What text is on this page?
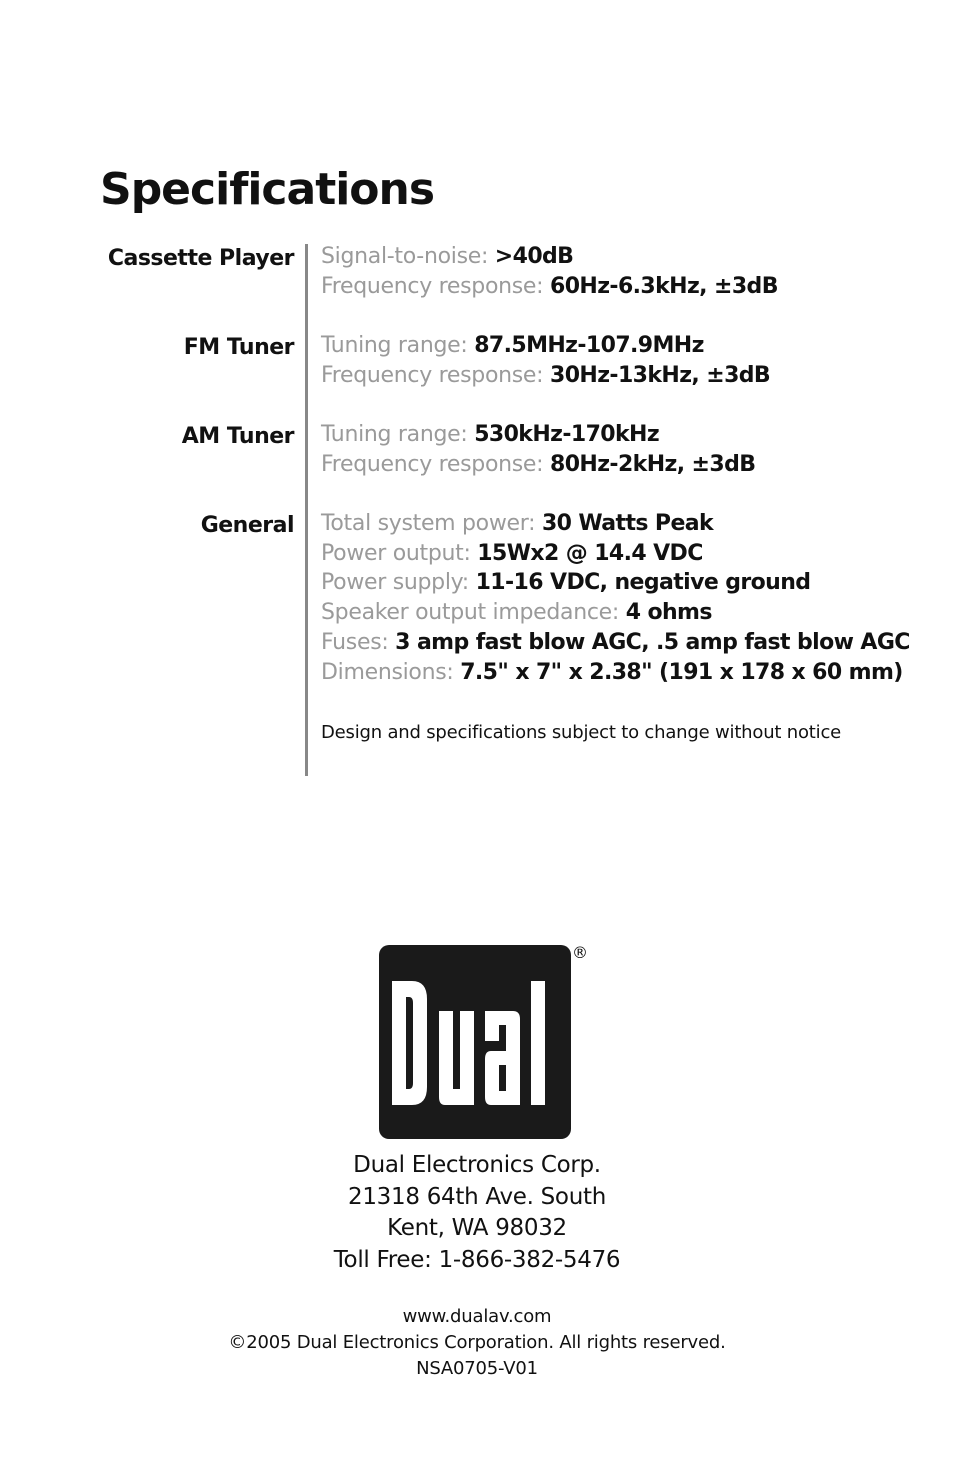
Specifications
Cassette Player Signal-to-noise: >40dB
Frequency response: 60Hz-6.3kHz, ±3dB
FM Tuner Tuning range: 87.5MHz-107.9MHz
Frequency response: 30Hz-13kHz, ±3dB
AM Tuner Tuning range: 530kHz-170kHz
Frequency response: 80Hz-2kHz, ±3dB
General Total system power: 30 Watts Peak
Power output: 15Wx2 @ 14.4 VDC
Power supply: 11-16 VDC, negative ground
Speaker output impedance: 4 ohms
Fuses: 3 amp fast blow AGC, .5 amp fast blow AGC
Dimensions: 7.5" x 7" x 2.38" (191 x 178 x 60 mm)
Design and specifications subject to change without notice
®
Dual Electronics Corp.
21318 64th Ave. South
Kent, WA 98032
Toll Free: 1-866-382-5476
www.dualav.com
©2005 Dual Electronics Corporation. All rights reserved.
NSA0705-V01
